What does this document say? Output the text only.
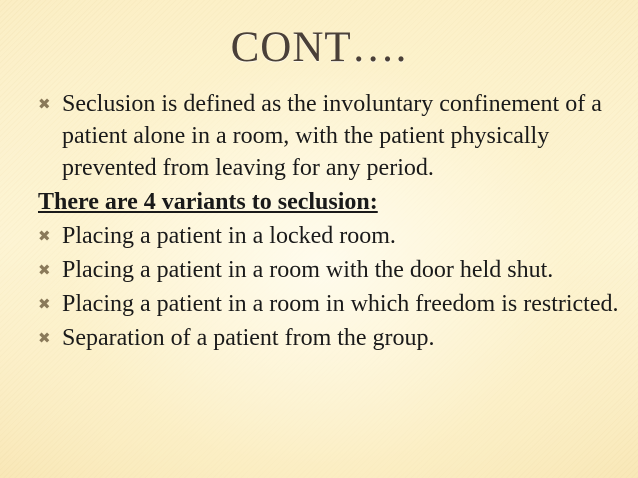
CONT….
✖ Seclusion is defined as the involuntary confinement of a patient alone in a room, with the patient physically prevented from leaving for any period.
There are 4 variants to seclusion:
✖ Placing a patient in a locked room.
✖ Placing a patient in a room with the door held shut.
✖ Placing a patient in a room in which freedom is restricted.
✖ Separation of a patient from the group.
